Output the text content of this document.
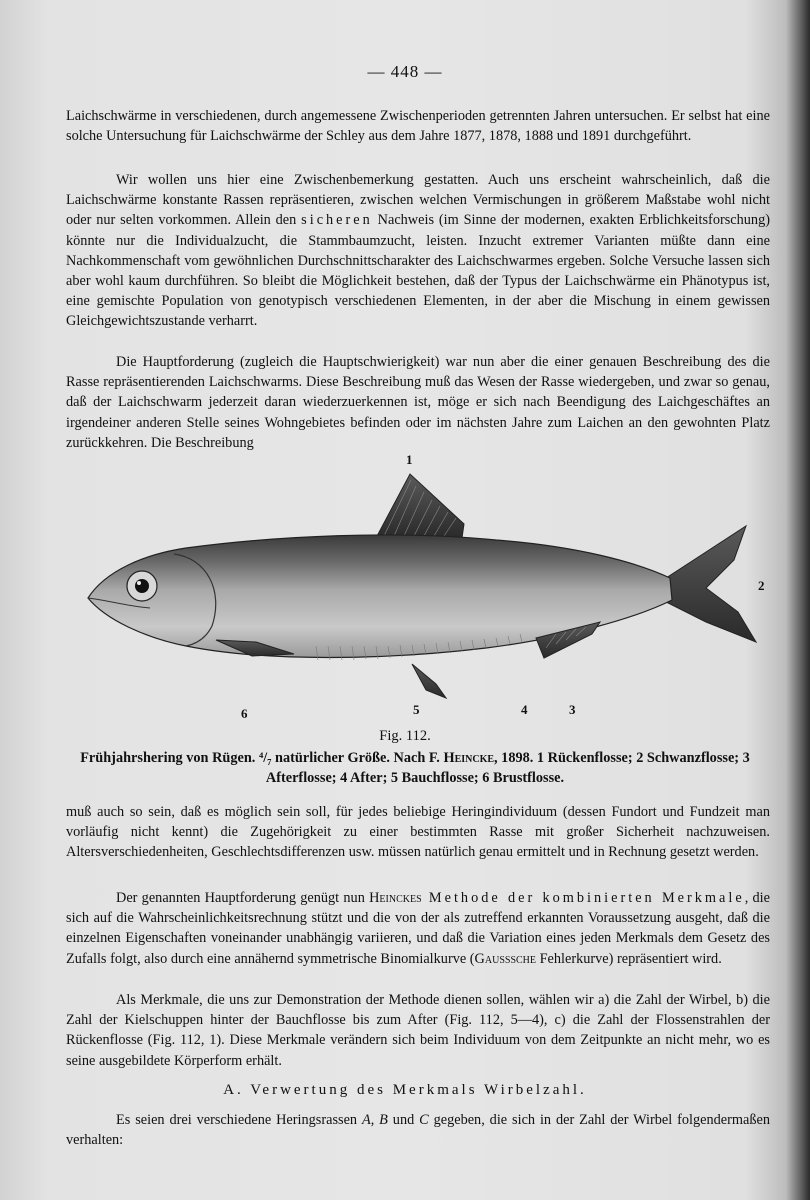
— 448 —

Laichschwärme in verschiedenen, durch angemessene Zwischenperioden getrennten Jahren untersuchen. Er selbst hat eine solche Untersuchung für Laichschwärme der Schley aus dem Jahre 1877, 1878, 1888 und 1891 durchgeführt.

Wir wollen uns hier eine Zwischenbemerkung gestatten. Auch uns erscheint wahrscheinlich, daß die Laichschwärme konstante Rassen repräsentieren, zwischen welchen Vermischungen in größerem Maßstabe wohl nicht oder nur selten vorkommen. Allein den sicheren Nachweis (im Sinne der modernen, exakten Erblichkeitsforschung) könnte nur die Individualzucht, die Stammbaumzucht, leisten. Inzucht extremer Varianten müßte dann eine Nachkommenschaft vom gewöhnlichen Durchschnittscharakter des Laichschwarmes ergeben. Solche Versuche lassen sich aber wohl kaum durchführen. So bleibt die Möglichkeit bestehen, daß der Typus der Laichschwärme ein Phänotypus ist, eine gemischte Population von genotypisch verschiedenen Elementen, in der aber die Mischung in einem gewissen Gleichgewichtszustande verharrt.

Die Hauptforderung (zugleich die Hauptschwierigkeit) war nun aber die einer genauen Beschreibung des die Rasse repräsentierenden Laichschwarms. Diese Beschreibung muß das Wesen der Rasse wiedergeben, und zwar so genau, daß der Laichschwarm jederzeit daran wiederzuerkennen ist, möge er sich nach Beendigung des Laichgeschäftes an irgendeiner anderen Stelle seines Wohngebietes befinden oder im nächsten Jahre zum Laichen an den gewohnten Platz zurückkehren. Die Beschreibung

1
2
3
4
5
6
Fig. 112.
Frühjahrshering von Rügen. ⁴/₇ natürlicher Größe. Nach F. Heincke, 1898. 1 Rückenflosse; 2 Schwanzflosse; 3 Afterflosse; 4 After; 5 Bauchflosse; 6 Brustflosse.

muß auch so sein, daß es möglich sein soll, für jedes beliebige Heringindividuum (dessen Fundort und Fundzeit man vorläufig nicht kennt) die Zugehörigkeit zu einer bestimmten Rasse mit großer Sicherheit nachzuweisen. Altersverschiedenheiten, Geschlechtsdifferenzen usw. müssen natürlich genau ermittelt und in Rechnung gesetzt werden.

Der genannten Hauptforderung genügt nun Heinckes Methode der kombinierten Merkmale, die sich auf die Wahrscheinlichkeitsrechnung stützt und die von der als zutreffend erkannten Voraussetzung ausgeht, daß die einzelnen Eigenschaften voneinander unabhängig variieren, und daß die Variation eines jeden Merkmals dem Gesetz des Zufalls folgt, also durch eine annähernd symmetrische Binomialkurve (Gausssche Fehlerkurve) repräsentiert wird.

Als Merkmale, die uns zur Demonstration der Methode dienen sollen, wählen wir a) die Zahl der Wirbel, b) die Zahl der Kielschuppen hinter der Bauchflosse bis zum After (Fig. 112, 5—4), c) die Zahl der Flossenstrahlen der Rückenflosse (Fig. 112, 1). Diese Merkmale verändern sich beim Individuum von dem Zeitpunkte an nicht mehr, wo es seine ausgebildete Körperform erhält.

A. Verwertung des Merkmals Wirbelzahl.

Es seien drei verschiedene Heringsrassen A, B und C gegeben, die sich in der Zahl der Wirbel folgendermaßen verhalten:
